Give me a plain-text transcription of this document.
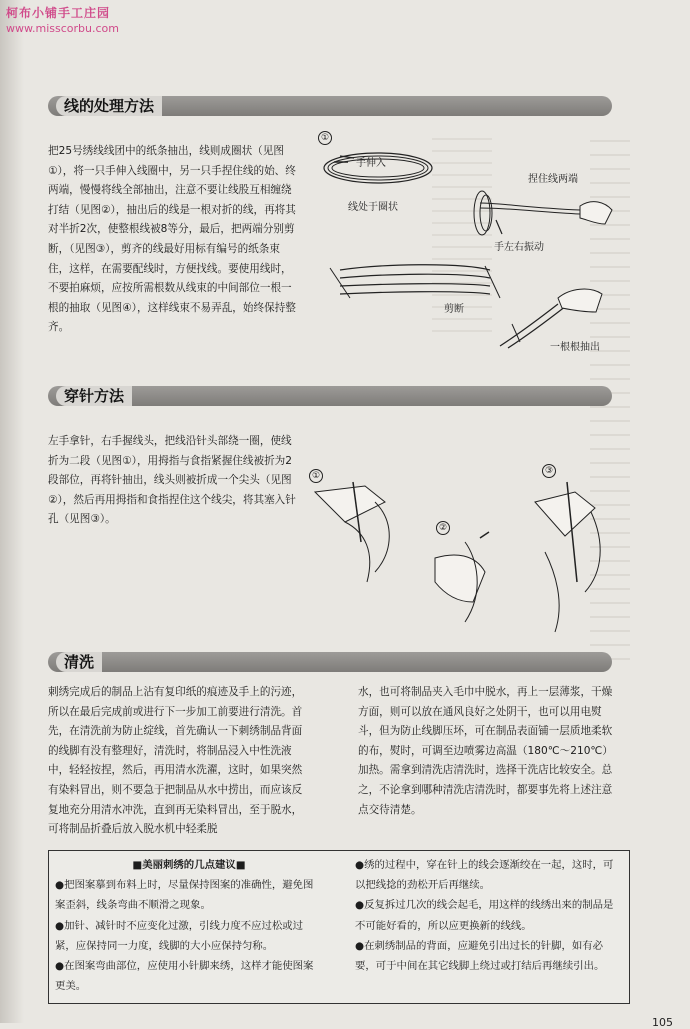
柯布小铺手工庄园
www.misscorbu.com
线的处理方法
把25号绣线线团中的纸条抽出，线则成圈状（见图①），将一只手伸入线圈中，另一只手捏住线的始、终两端，慢慢将线全部抽出，注意不要让线股互相缠绕打结（见图②），抽出后的线是一根对折的线，再将其对半折2次，使整根线被8等分，最后，把两端分别剪断，（见图③），剪齐的线最好用标有编号的纸条束住，这样，在需要配线时，方便找线。要使用线时，不要拍麻烦，应按所需根数从线束的中间部位一根一根的抽取（见图④），这样线束不易弄乱，始终保持整齐。
①
手伸入
线处于圈状
捏住线两端
手左右振动
剪断
一根根抽出
穿针方法
左手拿针，右手握线头，把线沿针头部绕一圈，使线折为二段（见图①），用拇指与食指紧握住线被折为2段部位，再将针抽出，线头则被折成一个尖头（见图②），然后再用拇指和食指捏住这个线尖，将其塞入针孔（见图③）。
①
②
③
清洗
刺绣完成后的制品上沾有复印纸的痕迹及手上的污迹，所以在最后完成前或进行下一步加工前要进行清洗。首先，在清洗前为防止绽线，首先确认一下刺绣制品背面的线脚有没有整理好，清洗时，将制品浸入中性洗液中，轻轻按捏，然后，再用清水洗濯，这时，如果突然有染料冒出，则不要急于把制品从水中捞出，而应该反复地充分用清水冲洗，直到再无染料冒出，至于脱水，可将制品折叠后放入脱水机中轻柔脱
水，也可将制品夹入毛巾中脱水，再上一层薄浆，干燥方面，则可以放在通风良好之处阴干，也可以用电熨斗，但为防止线脚压坏，可在制品表面铺一层质地柔软的布，熨时，可调至边喷雾边高温（180℃～210℃）加热。需拿到清洗店清洗时，选择干洗店比较安全。总之，不论拿到哪种清洗店清洗时，都要事先将上述注意点交待清楚。
■美丽刺绣的几点建议■
●把图案摹到布料上时，尽量保持图案的准确性，避免图案歪斜，线条弯曲不顺滑之现象。
●加针、减针时不应变化过激，引线力度不应过松或过紧，应保持同一力度，线脚的大小应保持匀称。
●在图案弯曲部位，应使用小针脚来绣，这样才能使图案更美。
●绣的过程中，穿在针上的线会逐渐绞在一起，这时，可以把线捻的劲松开后再继续。
●反复拆过几次的线会起毛，用这样的线绣出来的制品是不可能好看的，所以应更换新的线线。
●在刺绣制品的背面，应避免引出过长的针脚，如有必要，可于中间在其它线脚上绕过或打结后再继续引出。
105
